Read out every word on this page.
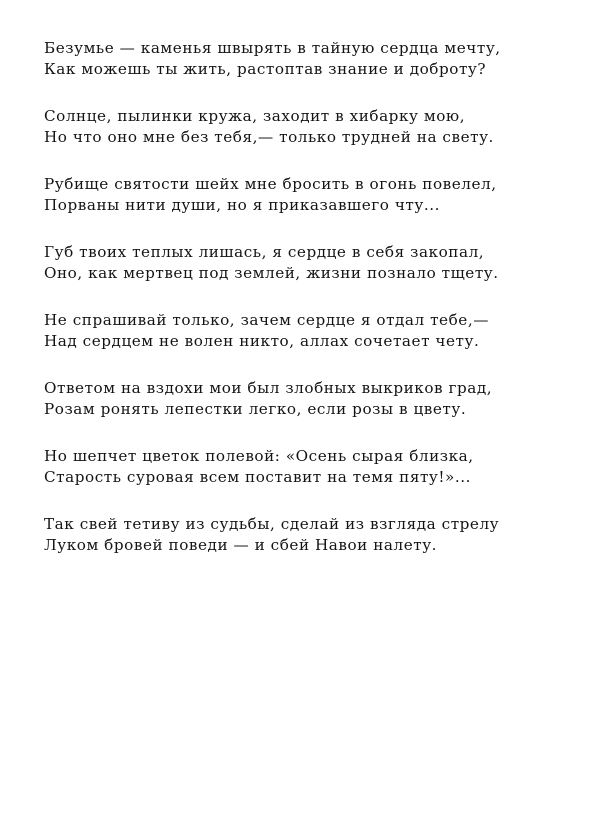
Безумье — каменья швырять в тайную сердца мечту,
Как можешь ты жить, растоптав знание и доброту?
Солнце, пылинки кружа, заходит в хибарку мою,
Но что оно мне без тебя,— только трудней на свету.
Рубище святости шейх мне бросить в огонь повелел,
Порваны нити души, но я приказавшего чту...
Губ твоих теплых лишась, я сердце в себя закопал,
Оно, как мертвец под землей, жизни познало тщету.
Не спрашивай только, зачем сердце я отдал тебе,—
Над сердцем не волен никто, аллах сочетает чету.
Ответом на вздохи мои был злобных выкриков град,
Розам ронять лепестки легко, если розы в цвету.
Но шепчет цветок полевой: «Осень сырая близка,
Старость суровая всем поставит на темя пяту!»...
Так свей тетиву из судьбы, сделай из взгляда стрелу
Луком бровей поведи — и сбей Навои налету.
